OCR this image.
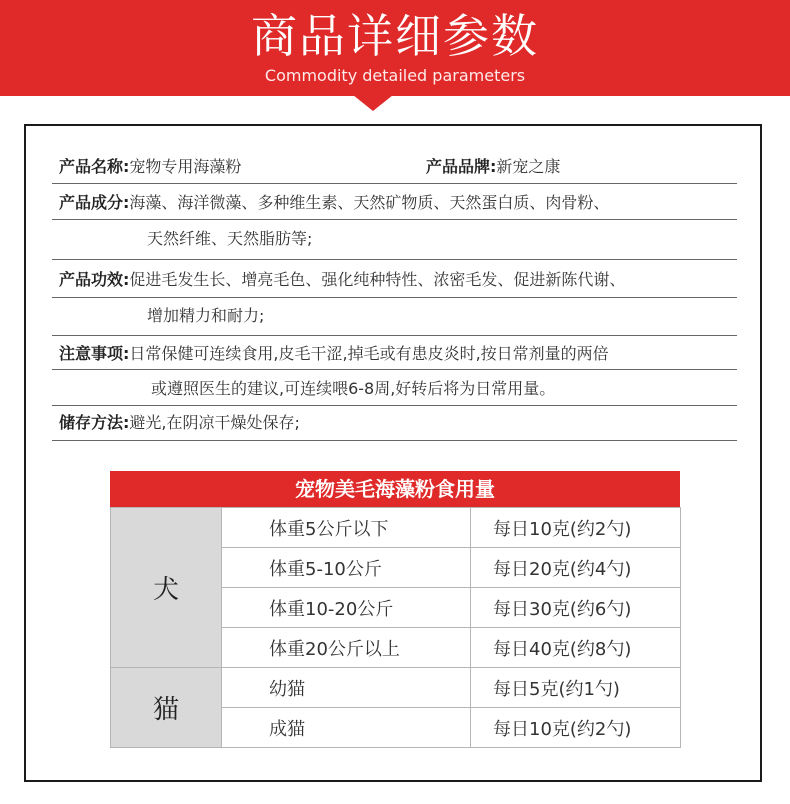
商品详细参数
Commodity detailed parameters
产品名称:宠物专用海藻粉	产品品牌:新宠之康
产品成分:海藻、海洋微藻、多种维生素、天然矿物质、天然蛋白质、肉骨粉、
天然纤维、天然脂肪等;
产品功效:促进毛发生长、增亮毛色、强化纯种特性、浓密毛发、促进新陈代谢、
增加精力和耐力;
注意事项:日常保健可连续食用,皮毛干涩,掉毛或有患皮炎时,按日常剂量的两倍
或遵照医生的建议,可连续喂6-8周,好转后将为日常用量。
储存方法:避光,在阴凉干燥处保存;
宠物美毛海藻粉食用量
犬	体重5公斤以下	每日10克(约2勺)
	体重5-10公斤	每日20克(约4勺)
	体重10-20公斤	每日30克(约6勺)
	体重20公斤以上	每日40克(约8勺)
猫	幼猫	每日5克(约1勺)
	成猫	每日10克(约2勺)
